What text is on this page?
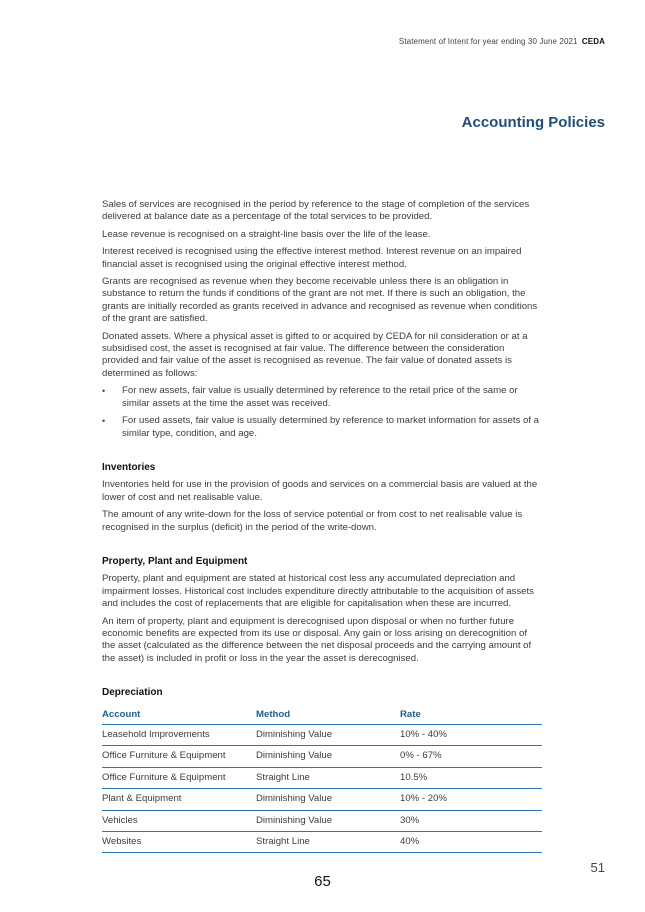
Statement of Intent for year ending 30 June 2021 CEDA
Accounting Policies

Sales of services are recognised in the period by reference to the stage of completion of the services delivered at balance date as a percentage of the total services to be provided.

Lease revenue is recognised on a straight-line basis over the life of the lease.

Interest received is recognised using the effective interest method. Interest revenue on an impaired financial asset is recognised using the original effective interest method.

Grants are recognised as revenue when they become receivable unless there is an obligation in substance to return the funds if conditions of the grant are not met. If there is such an obligation, the grants are initially recorded as grants received in advance and recognised as revenue when conditions of the grant are satisfied.

Donated assets. Where a physical asset is gifted to or acquired by CEDA for nil consideration or at a subsidised cost, the asset is recognised at fair value. The difference between the consideration provided and fair value of the asset is recognised as revenue. The fair value of donated assets is determined as follows:

• For new assets, fair value is usually determined by reference to the retail price of the same or similar assets at the time the asset was received.
• For used assets, fair value is usually determined by reference to market information for assets of a similar type, condition, and age.
Inventories

Inventories held for use in the provision of goods and services on a commercial basis are valued at the lower of cost and net realisable value.

The amount of any write-down for the loss of service potential or from cost to net realisable value is recognised in the surplus (deficit) in the period of the write-down.

Property, Plant and Equipment

Property, plant and equipment are stated at historical cost less any accumulated depreciation and impairment losses. Historical cost includes expenditure directly attributable to the acquisition of assets and includes the cost of replacements that are eligible for capitalisation when these are incurred.

An item of property, plant and equipment is derecognised upon disposal or when no further future economic benefits are expected from its use or disposal. Any gain or loss arising on derecognition of the asset (calculated as the difference between the net disposal proceeds and the carrying amount of the asset) is included in profit or loss in the year the asset is derecognised.

Depreciation
Account	Method	Rate
Leasehold Improvements	Diminishing Value	10% - 40%
Office Furniture & Equipment	Diminishing Value	0% - 67%
Office Furniture & Equipment	Straight Line	10.5%
Plant & Equipment	Diminishing Value	10% - 20%
Vehicles	Diminishing Value	30%
Websites	Straight Line	40%
51
65
